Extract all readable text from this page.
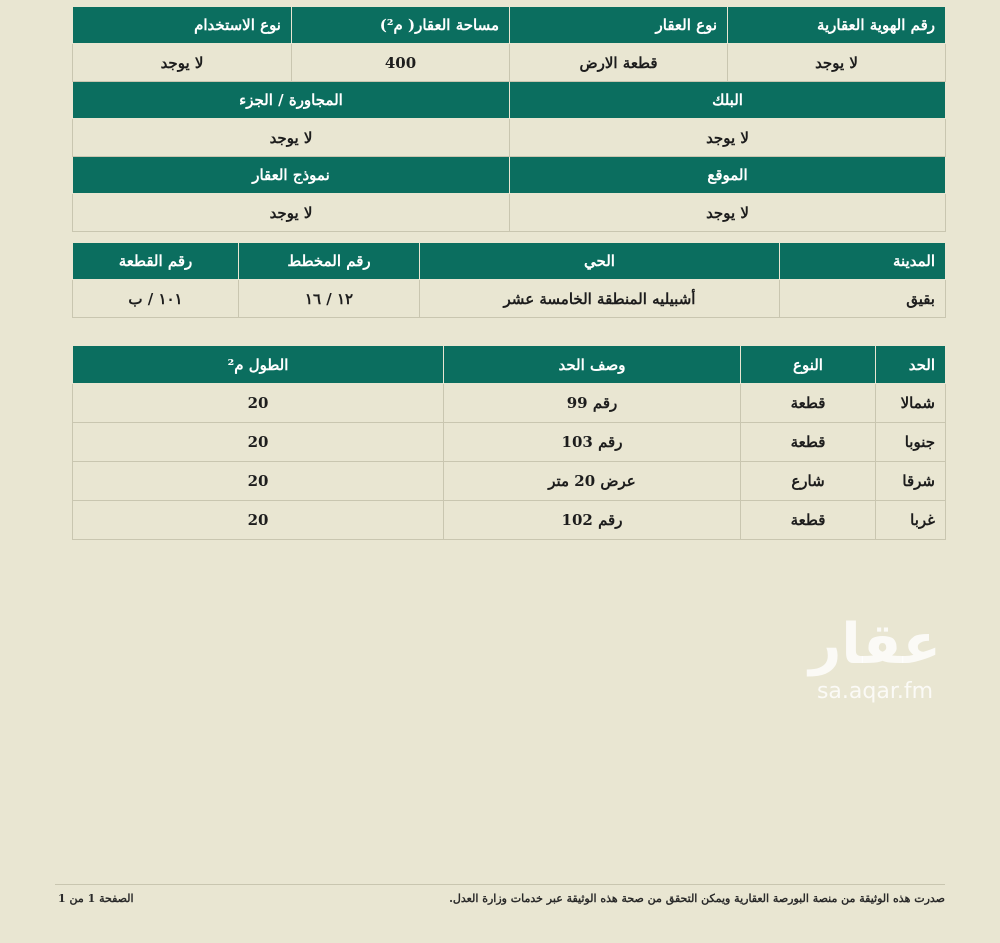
رقم الهوية العقارية	نوع العقار	مساحة العقار( م²)	نوع الاستخدام
لا يوجد	قطعة الارض	400	لا يوجد
البلك		المجاورة / الجزء	
لا يوجد		لا يوجد	
الموقع		نموذج العقار	
لا يوجد		لا يوجد	
المدينة	الحي	رقم المخطط	رقم القطعة
بقيق	أشبيليه المنطقة الخامسة عشر	١٢ / ١٦	١٠١ / ب
الحد	النوع	وصف الحد	الطول م²
شمالا	قطعة	رقم 99	20
جنوبا	قطعة	رقم 103	20
شرقا	شارع	عرض 20 متر	20
غربا	قطعة	رقم 102	20
عقار
sa.aqar.fm
صدرت هذه الوثيقة من منصة البورصة العقارية ويمكن التحقق من صحة هذه الوثيقة عبر خدمات وزارة العدل.
الصفحة 1 من 1
